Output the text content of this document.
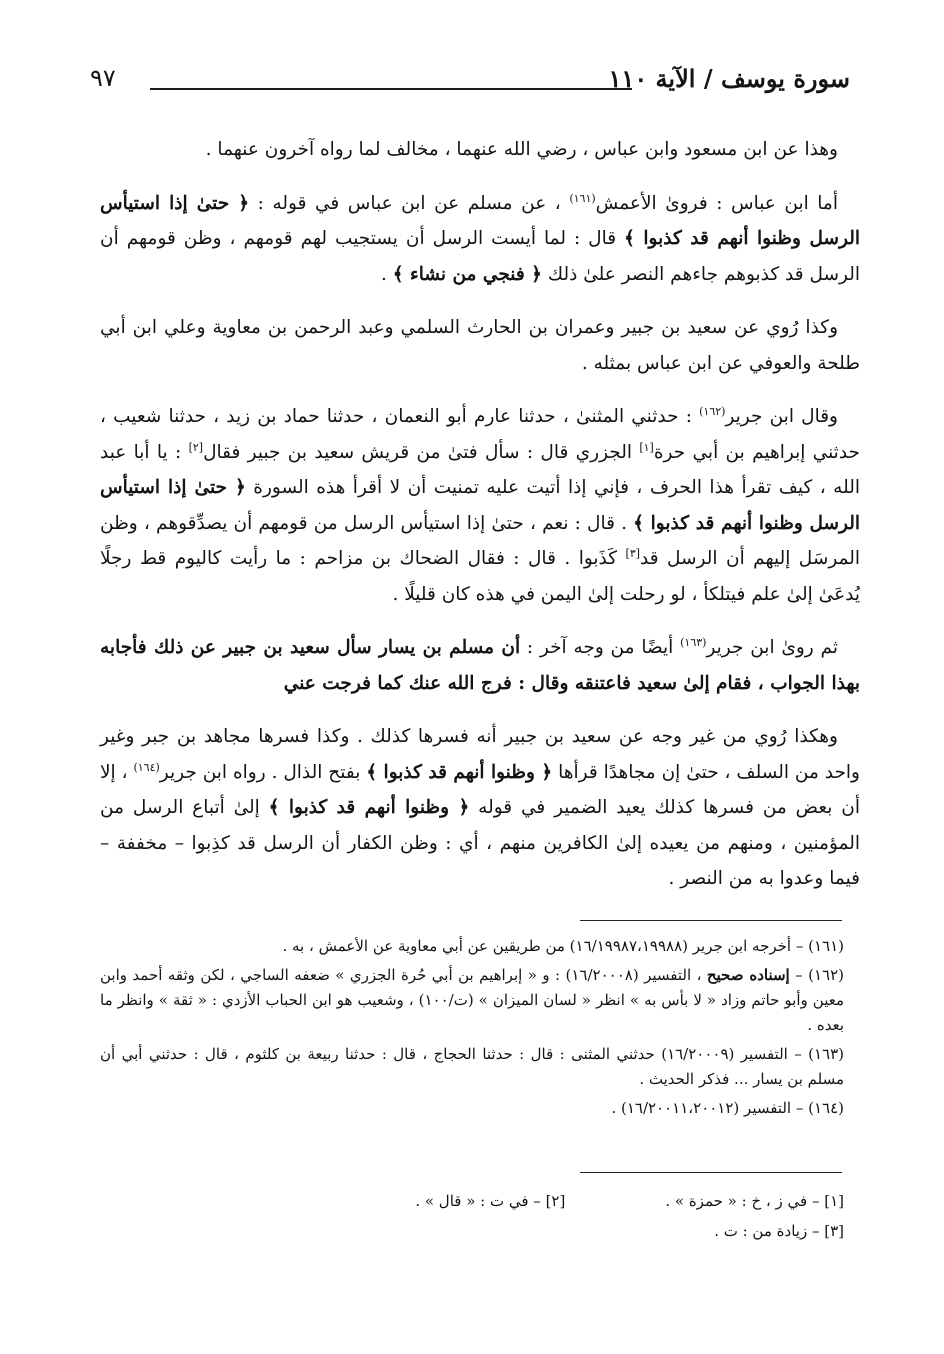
٩٧	سورة يوسف / الآية ١١٠

وهذا عن ابن مسعود وابن عباس ، رضي الله عنهما ، مخالف لما رواه آخرون عنهما .

أما ابن عباس : فروىٰ الأعمش$^{(١٦١)}$ ، عن مسلم عن ابن عباس في قوله : ﴿ حتىٰ إذا استيأس الرسل وظنوا أنهم قد كذبوا ﴾ قال : لما أيست الرسل أن يستجيب لهم قومهم ، وظن قومهم أن الرسل قد كذبوهم جاءهم النصر علىٰ ذلك ﴿ فنجي من نشاء ﴾ .

وكذا رُوي عن سعيد بن جبير وعمران بن الحارث السلمي وعبد الرحمن بن معاوية وعلي ابن أبي طلحة والعوفي عن ابن عباس بمثله .

وقال ابن جرير$^{(١٦٢)}$ : حدثني المثنىٰ ، حدثنا عارم أبو النعمان ، حدثنا حماد بن زيد ، حدثنا شعيب ، حدثني إبراهيم بن أبي حرة[١] الجزري قال : سأل فتىٰ من قريش سعيد بن جبير فقال[٢] : يا أبا عبد الله ، كيف تقرأ هذا الحرف ، فإني إذا أتيت عليه تمنيت أن لا أقرأ هذه السورة ﴿ حتىٰ إذا استيأس الرسل وظنوا أنهم قد كذبوا ﴾ . قال : نعم ، حتىٰ إذا استيأس الرسل من قومهم أن يصدِّقوهم ، وظن المرسَل إليهم أن الرسل قد[٣] كَذَبوا . قال : فقال الضحاك بن مزاحم : ما رأيت كاليوم قط رجلًا يُدعَىٰ إلىٰ علم فيتلكأ ، لو رحلت إلىٰ اليمن في هذه كان قليلًا .

ثم روىٰ ابن جرير$^{(١٦٣)}$ أيضًا من وجه آخر : أن مسلم بن يسار سأل سعيد بن جبير عن ذلك فأجابه بهذا الجواب ، فقام إلىٰ سعيد فاعتنقه وقال : فرج الله عنك كما فرجت عني

وهكذا رُوي من غير وجه عن سعيد بن جبير أنه فسرها كذلك . وكذا فسرها مجاهد بن جبر وغير واحد من السلف ، حتىٰ إن مجاهدًا قرأها ﴿ وظنوا أنهم قد كذبوا ﴾ بفتح الذال . رواه ابن جرير$^{(١٦٤)}$ ، إلا أن بعض من فسرها كذلك يعيد الضمير في قوله ﴿ وظنوا أنهم قد كذبوا ﴾ إلىٰ أتباع الرسل من المؤمنين ، ومنهم من يعيده إلىٰ الكافرين منهم ، أي : وظن الكفار أن الرسل قد كذِبوا – مخففة – فيما وعدوا به من النصر .

(١٦١) – أخرجه ابن جرير (١٦/١٩٩٨٧،١٩٩٨٨) من طريقين عن أبي معاوية عن الأعمش ، به .

(١٦٢) – إسناده صحيح ، التفسير (١٦/٢٠٠٠٨) : و « إبراهيم بن أبي حُرة الجزري » ضعفه الساجي ، لكن وثقه أحمد وابن معين وأبو حاتم وزاد « لا بأس به » انظر « لسان الميزان » (ت/١٠٠) ، وشعيب هو ابن الحباب الأزدي : « ثقة » وانظر ما بعده .

(١٦٣) – التفسير (١٦/٢٠٠٠٩) حدثني المثنى : قال : حدثنا الحجاج ، قال : حدثنا ربيعة بن كلثوم ، قال : حدثني أبي أن مسلم بن يسار ... فذكر الحديث .

(١٦٤) – التفسير (١٦/٢٠٠١١،٢٠٠١٢) .

[١] – في ز ، خ : « حمزة » .
[٢] – في ت : « قال » .
[٣] – زيادة من : ت .
